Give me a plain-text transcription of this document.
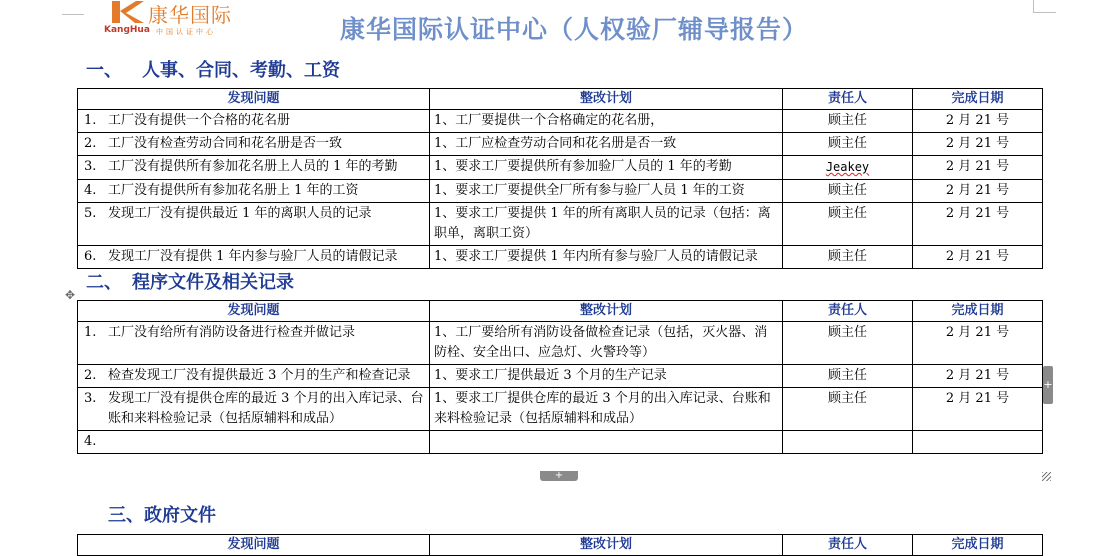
康华国际
KangHua 中国认证中心	康华国际认证中心（人权验厂辅导报告）
一、 人事、合同、考勤、工资
发现问题	整改计划	责任人	完成日期

1. 工厂没有提供一个合格的花名册	1、工厂要提供一个合格确定的花名册，	顾主任	2 月 21 号

2. 工厂没有检查劳动合同和花名册是否一致	1、工厂应检查劳动合同和花名册是否一致	顾主任	2 月 21 号

3. 工厂没有提供所有参加花名册上人员的 1 年的考勤	1、要求工厂要提供所有参加验厂人员的 1 年的考勤	Jeakey	2 月 21 号

4. 工厂没有提供所有参加花名册上 1 年的工资	1、要求工厂要提供全厂所有参与验厂人员 1 年的工资	顾主任	2 月 21 号

5. 发现工厂没有提供最近 1 年的离职人员的记录	1、要求工厂要提供 1 年的所有离职人员的记录（包括：离职单，离职工资）	顾主任	2 月 21 号

6. 发现工厂没有提供 1 年内参与验厂人员的请假记录	1、要求工厂要提供 1 年内所有参与验厂人员的请假记录	顾主任	2 月 21 号
✥
二、 程序文件及相关记录
发现问题	整改计划	责任人	完成日期

1. 工厂没有给所有消防设备进行检查并做记录	1、工厂要给所有消防设备做检查记录（包括，灭火器、消防栓、安全出口、应急灯、火警玲等）	顾主任	2 月 21 号

2. 检查发现工厂没有提供最近 3 个月的生产和检查记录	1、要求工厂提供最近 3 个月的生产记录	顾主任	2 月 21 号

3. 发现工厂没有提供仓库的最近 3 个月的出入库记录、台账和来料检验记录（包括原辅料和成品）	1、要求工厂提供仓库的最近 3 个月的出入库记录、台账和来料检验记录（包括原辅料和成品）	顾主任	2 月 21 号

4.			

+
+
三、政府文件
发现问题	整改计划	责任人	完成日期
